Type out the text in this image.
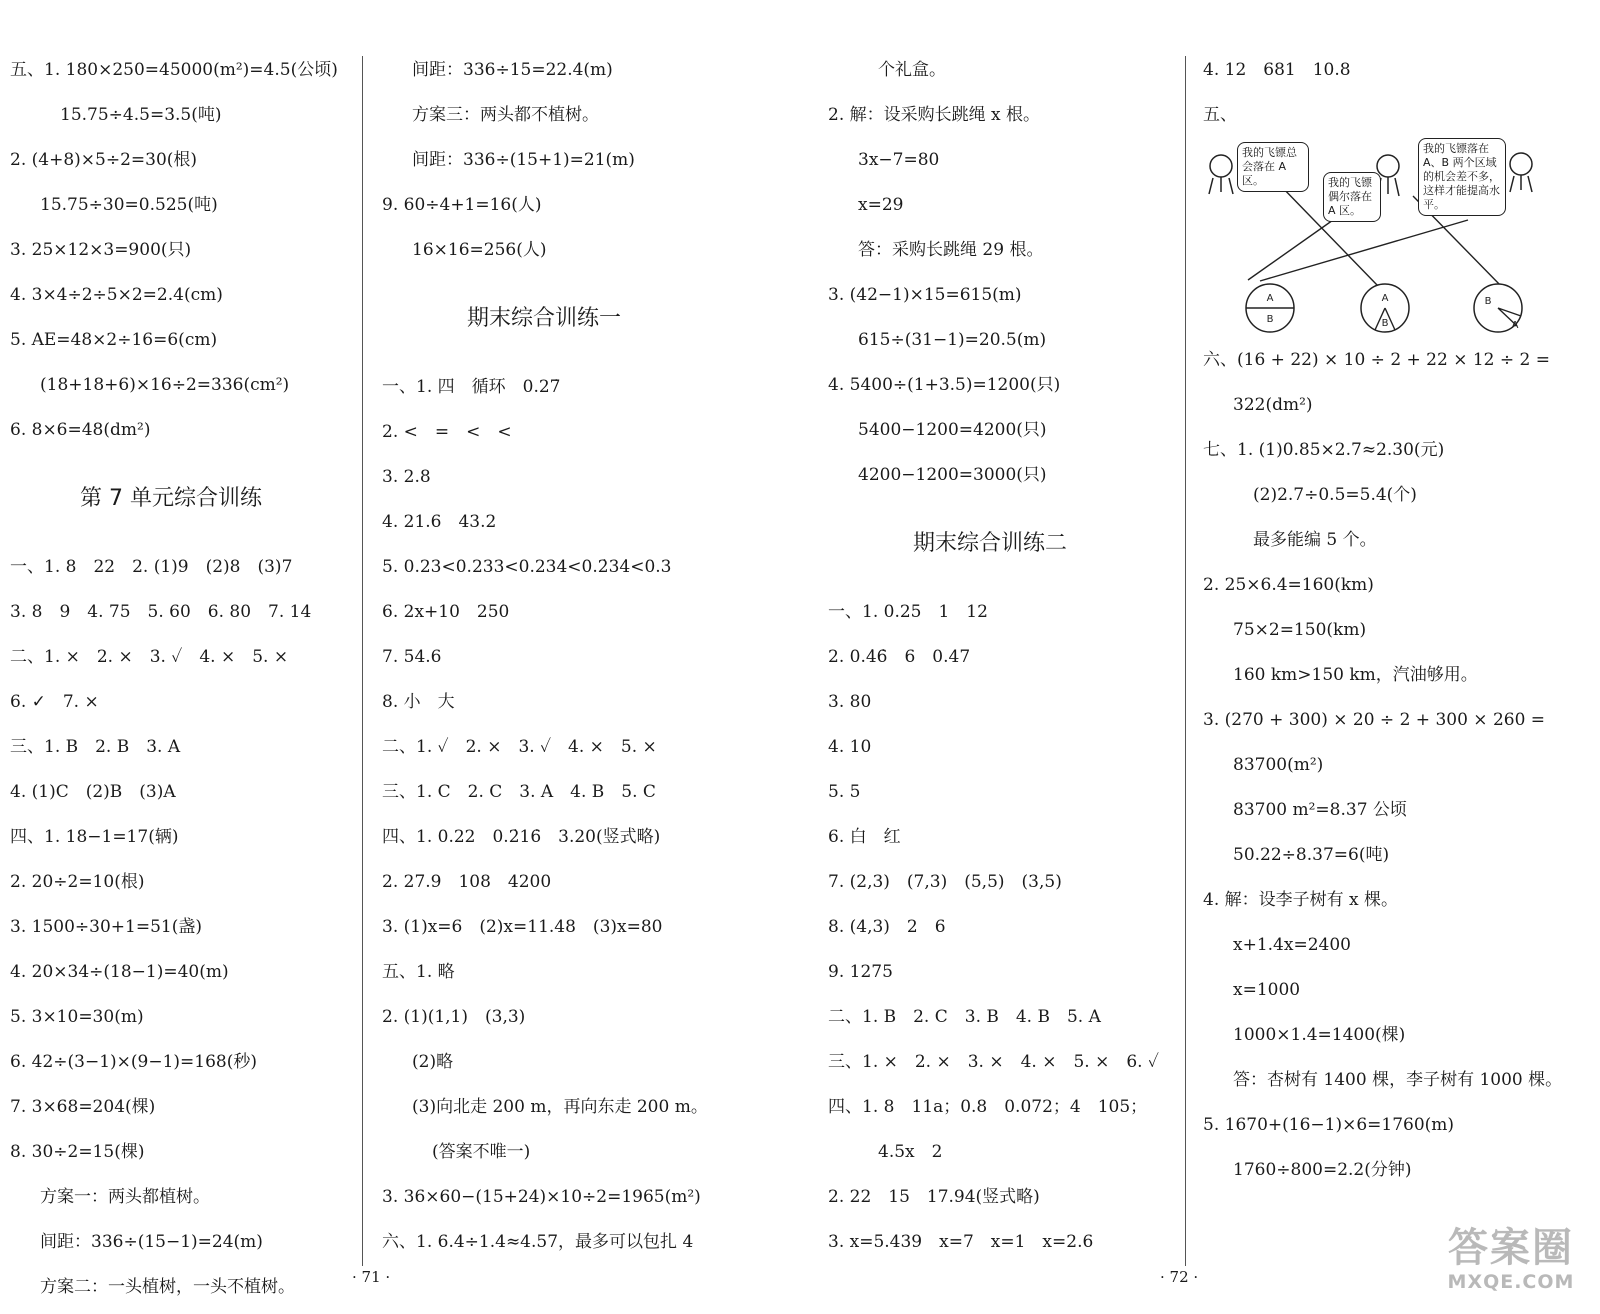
五、1. 180×250=45000(m²)=4.5(公顷)
15.75÷4.5=3.5(吨)
2. (4+8)×5÷2=30(根)
15.75÷30=0.525(吨)
3. 25×12×3=900(只)
4. 3×4÷2÷5×2=2.4(cm)
5. AE=48×2÷16=6(cm)
(18+18+6)×16÷2=336(cm²)
6. 8×6=48(dm²)
第 7 单元综合训练
一、1. 8　22　2. (1)9　(2)8　(3)7
3. 8　9　4. 75　5. 60　6. 80　7. 14
二、1. ×　2. ×　3. ✓　4. ×　5. ×
6. ✓　7. ×
三、1. B　2. B　3. A
4. (1)C　(2)B　(3)A
四、1. 18−1=17(辆)
2. 20÷2=10(根)
3. 1500÷30+1=51(盏)
4. 20×34÷(18−1)=40(m)
5. 3×10=30(m)
6. 42÷(3−1)×(9−1)=168(秒)
7. 3×68=204(棵)
8. 30÷2=15(棵)
方案一：两头都植树。
间距：336÷(15−1)=24(m)
方案二：一头植树，一头不植树。
间距：336÷15=22.4(m)
方案三：两头都不植树。
间距：336÷(15+1)=21(m)
9. 60÷4+1=16(人)
16×16=256(人)
期末综合训练一
一、1. 四　循环　0.27̇
2. <　=　<　<
3. 2.8
4. 21.6　43.2
5. 0.23<0.233<0.234<0.2̇34̇<0.3
6. 2x+10　250
7. 54.6
8. 小　大
二、1. ✓　2. ×　3. ✓　4. ×　5. ×
三、1. C　2. C　3. A　4. B　5. C
四、1. 0.22　0.2̇16̇　3.20(竖式略)
2. 27.9　108　4200
3. (1)x=6　(2)x=11.48　(3)x=80
五、1. 略
2. (1)(1,1)　(3,3)
(2)略
(3)向北走 200 m，再向东走 200 m。
(答案不唯一)
3. 36×60−(15+24)×10÷2=1965(m²)
六、1. 6.4÷1.4≈4.57，最多可以包扎 4
个礼盒。
2. 解：设采购长跳绳 x 根。
3x−7=80
x=29
答：采购长跳绳 29 根。
3. (42−1)×15=615(m)
615÷(31−1)=20.5(m)
4. 5400÷(1+3.5)=1200(只)
5400−1200=4200(只)
4200−1200=3000(只)
期末综合训练二
一、1. 0.25　1　12
2. 0.4̇6̇　6　0.47
3. 80
4. 10
5. 5
6. 白　红
7. (2,3)　(7,3)　(5,5)　(3,5)
8. (4,3)　2　6
9. 1275
二、1. B　2. C　3. B　4. B　5. A
三、1. ×　2. ×　3. ×　4. ×　5. ×　6. ✓
四、1. 8　11a；0.8　0.072；4　105；
4.5x　2
2. 22　15　17.94(竖式略)
3. x=5.439　x=7　x=1　x=2.6
4. 12　681　10.8
五、
A
B
A
B
B
A
我的飞镖总会落在 A 区。	我的飞镖偶尔落在 A 区。
我的飞镖落在 A、B 两个区域的机会差不多，这样才能提高水平。
六、(16 + 22) × 10 ÷ 2 + 22 × 12 ÷ 2 =
322(dm²)
七、1. (1)0.85×2.7≈2.30(元)
(2)2.7÷0.5=5.4(个)
最多能编 5 个。
2. 25×6.4=160(km)
75×2=150(km)
160 km>150 km，汽油够用。
3. (270 + 300) × 20 ÷ 2 + 300 × 260 =
83700(m²)
83700 m²=8.37 公顷
50.22÷8.37=6(吨)
4. 解：设李子树有 x 棵。
x+1.4x=2400
x=1000
1000×1.4=1400(棵)
答：杏树有 1400 棵，李子树有 1000 棵。
5. 1670+(16−1)×6=1760(m)
1760÷800=2.2(分钟)
· 71 ·	· 72 ·
答案圈
MXQE.COM
